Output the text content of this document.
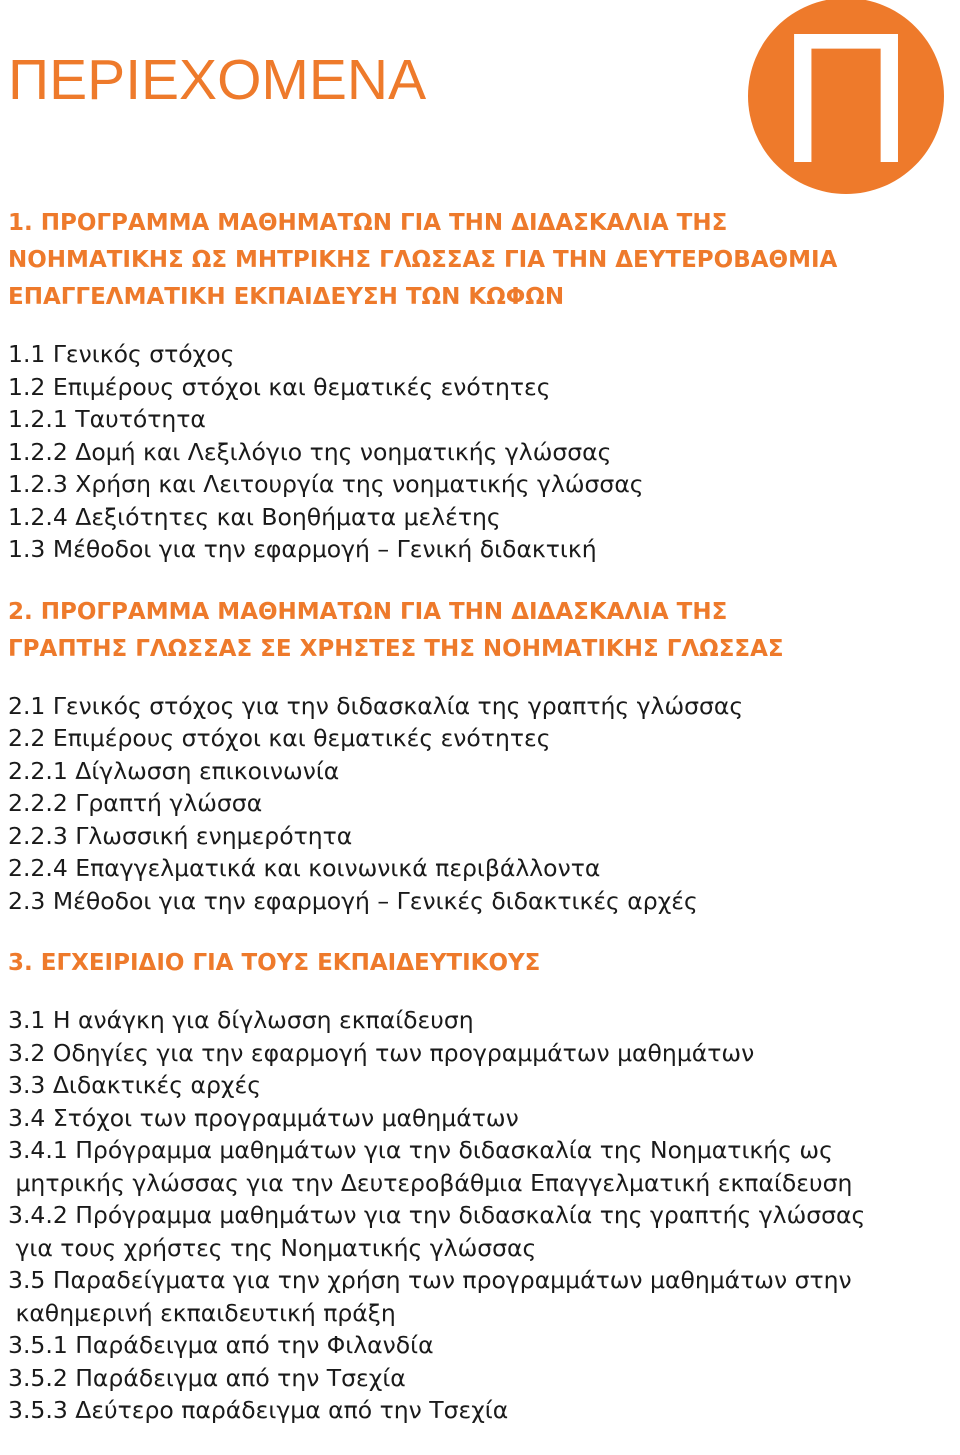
ΠΕΡΙΕΧΟΜΕΝΑ Π
1. ΠΡΟΓΡΑΜΜΑ ΜΑΘΗΜΑΤΩΝ ΓΙΑ ΤΗΝ ΔΙΔΑΣΚΑΛΙΑ ΤΗΣ
ΝΟΗΜΑΤΙΚΗΣ ΩΣ ΜΗΤΡΙΚΗΣ ΓΛΩΣΣΑΣ ΓΙΑ ΤΗΝ ΔΕΥΤΕΡΟΒΑΘΜΙΑ
ΕΠΑΓΓΕΛΜΑΤΙΚΗ ΕΚΠΑΙΔΕΥΣΗ ΤΩΝ ΚΩΦΩΝ
1.1 Γενικός στόχος
1.2 Επιμέρους στόχοι και θεματικές ενότητες
1.2.1 Ταυτότητα
1.2.2 Δομή και Λεξιλόγιο της νοηματικής γλώσσας
1.2.3 Χρήση και Λειτουργία της νοηματικής γλώσσας
1.2.4 Δεξιότητες και Βοηθήματα μελέτης
1.3 Μέθοδοι για την εφαρμογή – Γενική διδακτική
2. ΠΡΟΓΡΑΜΜΑ ΜΑΘΗΜΑΤΩΝ ΓΙΑ ΤΗΝ ΔΙΔΑΣΚΑΛΙΑ ΤΗΣ
ΓΡΑΠΤΗΣ ΓΛΩΣΣΑΣ ΣΕ ΧΡΗΣΤΕΣ ΤΗΣ ΝΟΗΜΑΤΙΚΗΣ ΓΛΩΣΣΑΣ
2.1 Γενικός στόχος για την διδασκαλία της γραπτής γλώσσας
2.2 Επιμέρους στόχοι και θεματικές ενότητες
2.2.1 Δίγλωσση επικοινωνία
2.2.2 Γραπτή γλώσσα
2.2.3 Γλωσσική ενημερότητα
2.2.4 Επαγγελματικά και κοινωνικά περιβάλλοντα
2.3 Μέθοδοι για την εφαρμογή – Γενικές διδακτικές αρχές
3. ΕΓΧΕΙΡΙΔΙΟ ΓΙΑ ΤΟΥΣ ΕΚΠΑΙΔΕΥΤΙΚΟΥΣ
3.1 Η ανάγκη για δίγλωσση εκπαίδευση
3.2 Οδηγίες για την εφαρμογή των προγραμμάτων μαθημάτων
3.3 Διδακτικές αρχές
3.4 Στόχοι των προγραμμάτων μαθημάτων
3.4.1 Πρόγραμμα μαθημάτων για την διδασκαλία της Νοηματικής ως
μητρικής γλώσσας για την Δευτεροβάθμια Επαγγελματική εκπαίδευση
3.4.2 Πρόγραμμα μαθημάτων για την διδασκαλία της γραπτής γλώσσας
για τους χρήστες της Νοηματικής γλώσσας
3.5 Παραδείγματα για την χρήση των προγραμμάτων μαθημάτων στην
καθημερινή εκπαιδευτική πράξη
3.5.1 Παράδειγμα από την Φιλανδία
3.5.2 Παράδειγμα από την Τσεχία
3.5.3 Δεύτερο παράδειγμα από την Τσεχία
